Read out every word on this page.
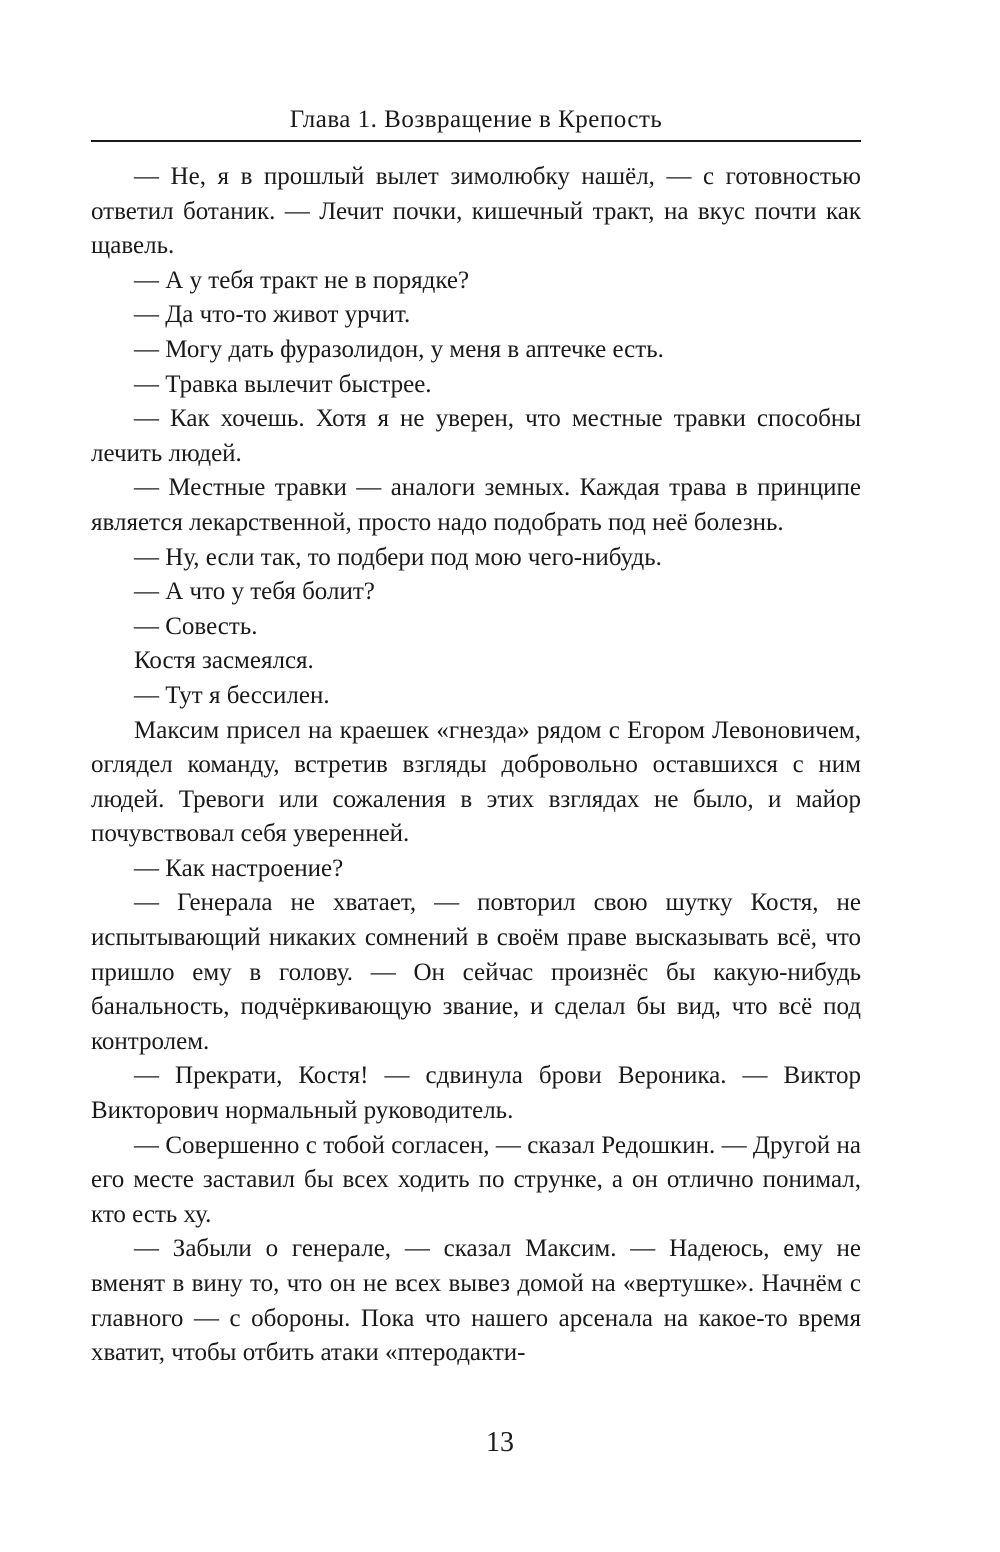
Глава 1. Возвращение в Крепость

— Не, я в прошлый вылет зимолюбку нашёл, — с готовностью ответил ботаник. — Лечит почки, кишечный тракт, на вкус почти как щавель.

— А у тебя тракт не в порядке?

— Да что-то живот урчит.

— Могу дать фуразолидон, у меня в аптечке есть.

— Травка вылечит быстрее.

— Как хочешь. Хотя я не уверен, что местные травки способны лечить людей.

— Местные травки — аналоги земных. Каждая трава в принципе является лекарственной, просто надо подобрать под неё болезнь.

— Ну, если так, то подбери под мою чего-нибудь.

— А что у тебя болит?

— Совесть.

Костя засмеялся.

— Тут я бессилен.

Максим присел на краешек «гнезда» рядом с Егором Левоновичем, оглядел команду, встретив взгляды добровольно оставшихся с ним людей. Тревоги или сожаления в этих взглядах не было, и майор почувствовал себя уверенней.

— Как настроение?

— Генерала не хватает, — повторил свою шутку Костя, не испытывающий никаких сомнений в своём праве высказывать всё, что пришло ему в голову. — Он сейчас произнёс бы какую-нибудь банальность, подчёркивающую звание, и сделал бы вид, что всё под контролем.

— Прекрати, Костя! — сдвинула брови Вероника. — Виктор Викторович нормальный руководитель.

— Совершенно с тобой согласен, — сказал Редошкин. — Другой на его месте заставил бы всех ходить по струнке, а он отлично понимал, кто есть ху.

— Забыли о генерале, — сказал Максим. — Надеюсь, ему не вменят в вину то, что он не всех вывез домой на «вертушке». Начнём с главного — с обороны. Пока что нашего арсенала на какое-то время хватит, чтобы отбить атаки «птеродакти-

13
